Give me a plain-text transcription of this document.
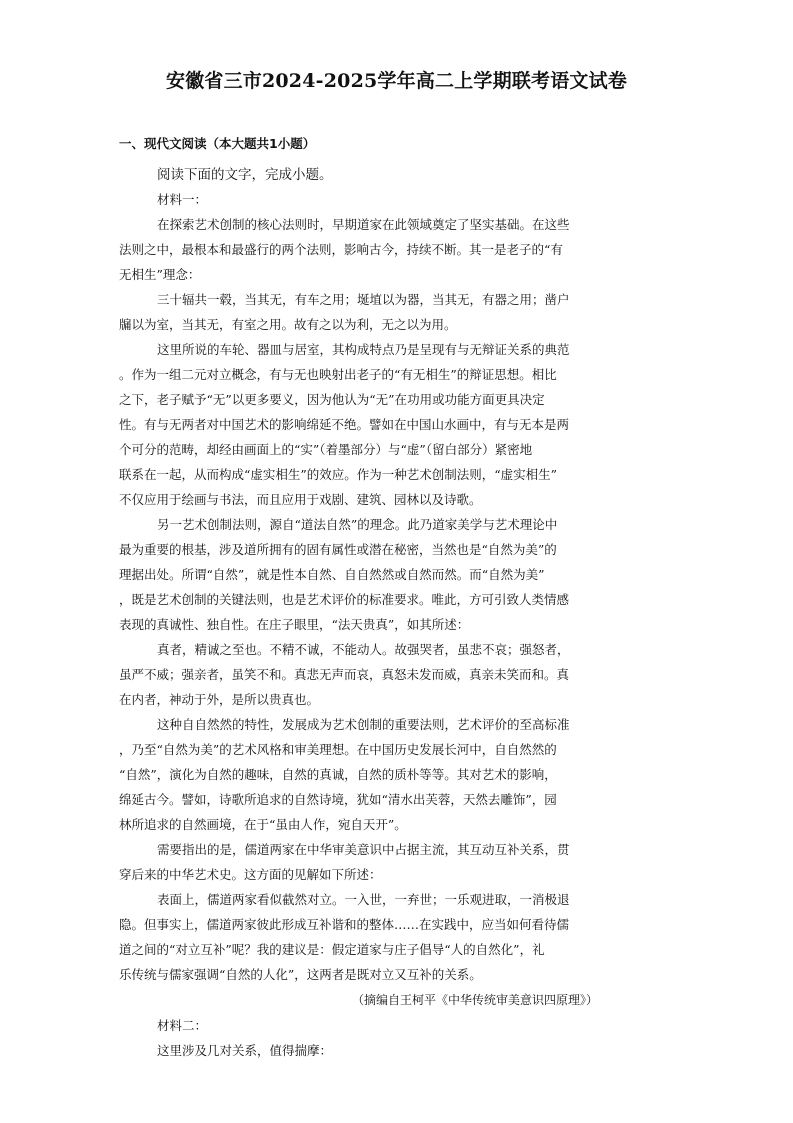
安徽省三市2024-2025学年高二上学期联考语文试卷
一、现代文阅读（本大题共1小题）
阅读下面的文字，完成小题。
材料一：
在探索艺术创制的核心法则时，早期道家在此领域奠定了坚实基础。在这些
法则之中，最根本和最盛行的两个法则，影响古今，持续不断。其一是老子的“有
无相生”理念：
三十辐共一毂，当其无，有车之用；埏埴以为器，当其无，有器之用；凿户
牖以为室，当其无，有室之用。故有之以为利，无之以为用。
这里所说的车轮、器皿与居室，其构成特点乃是呈现有与无辩证关系的典范
。作为一组二元对立概念，有与无也映射出老子的“有无相生”的辩证思想。相比
之下，老子赋予“无”以更多要义，因为他认为“无”在功用或功能方面更具决定
性。有与无两者对中国艺术的影响绵延不绝。譬如在中国山水画中，有与无本是两
个可分的范畴，却经由画面上的“实”（着墨部分）与“虚”（留白部分）紧密地
联系在一起，从而构成“虚实相生”的效应。作为一种艺术创制法则，“虚实相生”
不仅应用于绘画与书法，而且应用于戏剧、建筑、园林以及诗歌。
另一艺术创制法则，源自“道法自然”的理念。此乃道家美学与艺术理论中
最为重要的根基，涉及道所拥有的固有属性或潜在秘密，当然也是“自然为美”的
理据出处。所谓“自然”，就是性本自然、自自然然或自然而然。而“自然为美”
，既是艺术创制的关键法则，也是艺术评价的标准要求。唯此，方可引致人类情感
表现的真诚性、独自性。在庄子眼里，“法天贵真”，如其所述：
真者，精诚之至也。不精不诚，不能动人。故强哭者，虽悲不哀；强怒者，
虽严不威；强亲者，虽笑不和。真悲无声而哀，真怒未发而威，真亲未笑而和。真
在内者，神动于外，是所以贵真也。
这种自自然然的特性，发展成为艺术创制的重要法则，艺术评价的至高标准
，乃至“自然为美”的艺术风格和审美理想。在中国历史发展长河中，自自然然的
“自然”，演化为自然的趣味，自然的真诚，自然的质朴等等。其对艺术的影响，
绵延古今。譬如，诗歌所追求的自然诗境，犹如“清水出芙蓉，天然去雕饰”，园
林所追求的自然画境，在于“虽由人作，宛自天开”。
需要指出的是，儒道两家在中华审美意识中占据主流，其互动互补关系，贯
穿后来的中华艺术史。这方面的见解如下所述：
表面上，儒道两家看似截然对立。一入世，一弃世；一乐观进取，一消极退
隐。但事实上，儒道两家彼此形成互补谐和的整体……在实践中，应当如何看待儒
道之间的“对立互补”呢？我的建议是：假定道家与庄子倡导“人的自然化”，礼
乐传统与儒家强调“自然的人化”，这两者是既对立又互补的关系。
（摘编自王柯平《中华传统审美意识四原理》）
材料二：
这里涉及几对关系，值得揣摩：
